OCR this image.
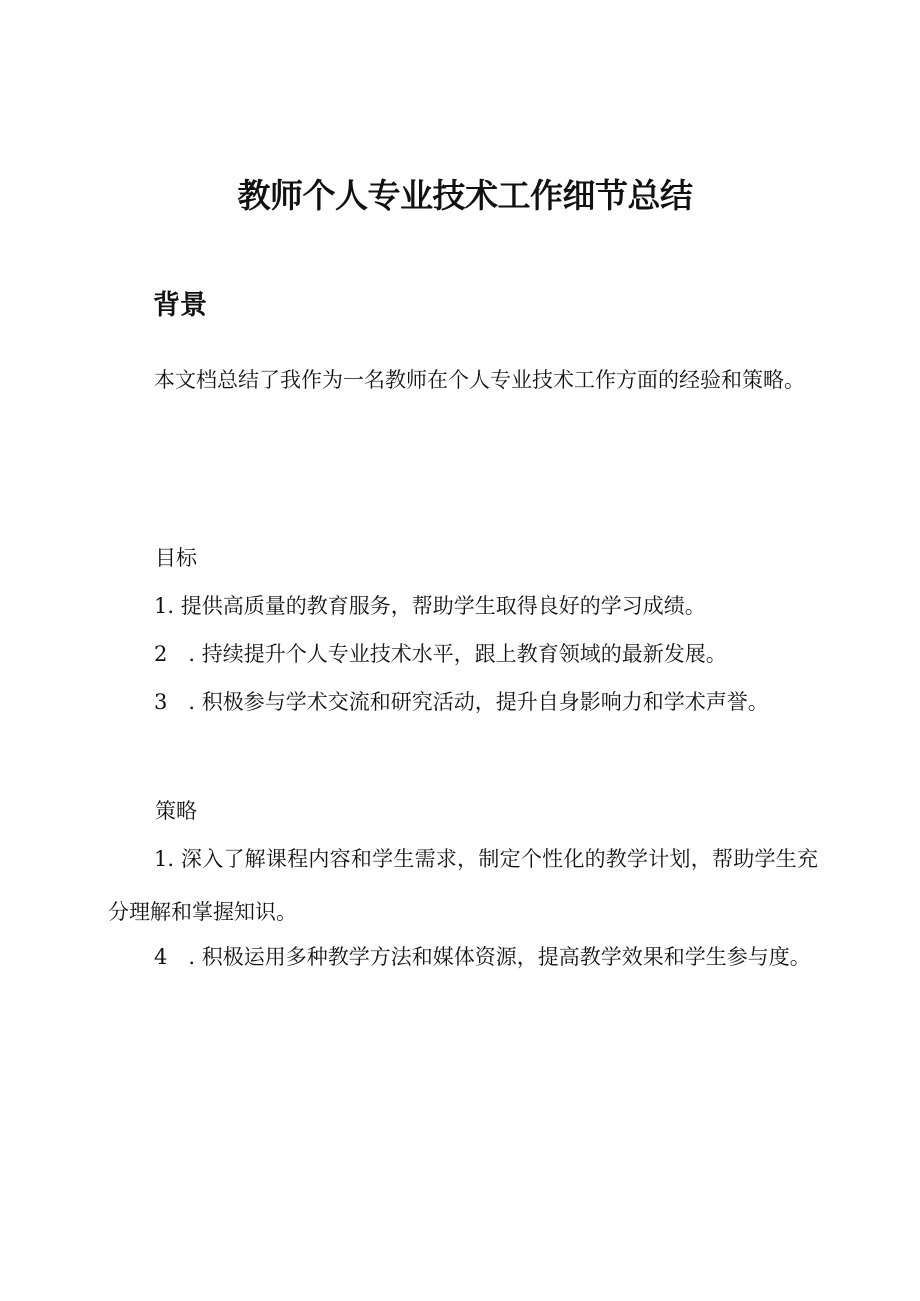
教师个人专业技术工作细节总结
背景

本文档总结了我作为一名教师在个人专业技术工作方面的经验和策略。

目标

1. 提供高质量的教育服务，帮助学生取得良好的学习成绩。

2　. 持续提升个人专业技术水平，跟上教育领域的最新发展。

3　. 积极参与学术交流和研究活动，提升自身影响力和学术声誉。

策略

1. 深入了解课程内容和学生需求，制定个性化的教学计划，帮助学生充分理解和掌握知识。

4　. 积极运用多种教学方法和媒体资源，提高教学效果和学生参与度。
